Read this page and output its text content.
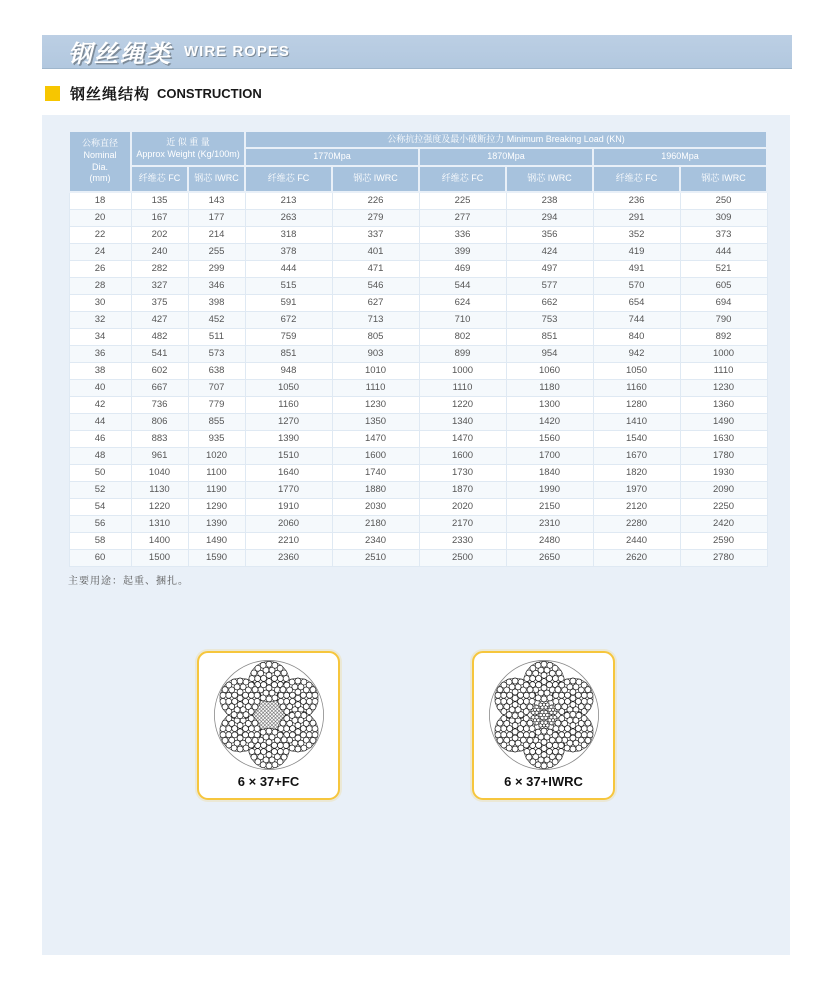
钢丝绳类 WIRE ROPES
钢丝绳结构 CONSTRUCTION
公称直径
Nominal
Dia.
(mm)	近 似 重 量
Approx Weight (Kg/100m)		公称抗拉强度及最小破断拉力 Minimum Breaking Load (KN)					
			1770Mpa		1870Mpa		1960Mpa	
	纤维芯 FC	钢芯 IWRC	纤维芯 FC	钢芯 IWRC	纤维芯 FC	钢芯 IWRC	纤维芯 FC	钢芯 IWRC
18	135	143	213	226	225	238	236	250
20	167	177	263	279	277	294	291	309
22	202	214	318	337	336	356	352	373
24	240	255	378	401	399	424	419	444
26	282	299	444	471	469	497	491	521
28	327	346	515	546	544	577	570	605
30	375	398	591	627	624	662	654	694
32	427	452	672	713	710	753	744	790
34	482	511	759	805	802	851	840	892
36	541	573	851	903	899	954	942	1000
38	602	638	948	1010	1000	1060	1050	1110
40	667	707	1050	1110	1110	1180	1160	1230
42	736	779	1160	1230	1220	1300	1280	1360
44	806	855	1270	1350	1340	1420	1410	1490
46	883	935	1390	1470	1470	1560	1540	1630
48	961	1020	1510	1600	1600	1700	1670	1780
50	1040	1100	1640	1740	1730	1840	1820	1930
52	1130	1190	1770	1880	1870	1990	1970	2090
54	1220	1290	1910	2030	2020	2150	2120	2250
56	1310	1390	2060	2180	2170	2310	2280	2420
58	1400	1490	2210	2340	2330	2480	2440	2590
60	1500	1590	2360	2510	2500	2650	2620	2780
主要用途：起重、捆扎。
6 × 37+FC	6 × 37+IWRC
